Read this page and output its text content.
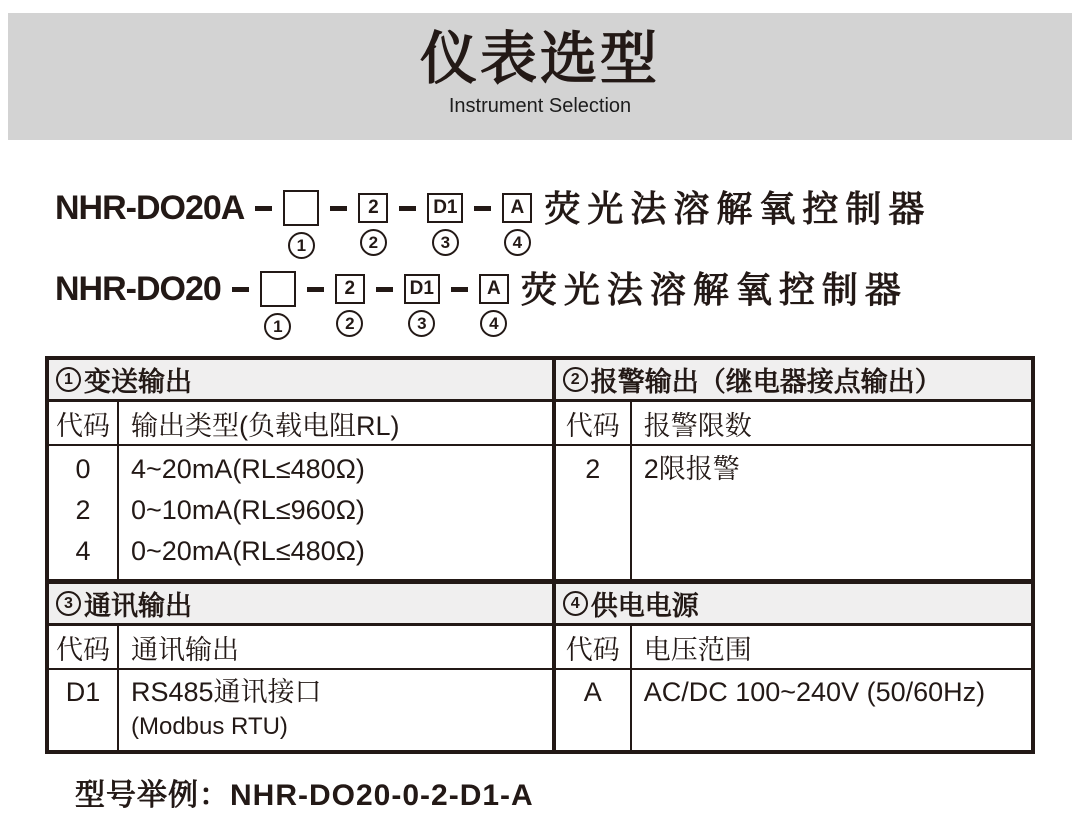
仪表选型
Instrument Selection
NHR-DO20A
1
2
2
D1
3
A
4
荧光法溶解氧控制器
NHR-DO20
1
2
2
D1
3
A
4
荧光法溶解氧控制器
1 变送输出
代码 输出类型(负载电阻RL)
0
2
4
4~20mA(RL≤480Ω)
0~10mA(RL≤960Ω)
0~20mA(RL≤480Ω)
2 报警输出（继电器接点输出）
代码 报警限数
2 2限报警
3 通讯输出
代码 通讯输出
D1 RS485通讯接口
(Modbus RTU)
4 供电电源
代码 电压范围
A AC/DC 100~240V (50/60Hz)
型号举例：NHR-DO20-0-2-D1-A
